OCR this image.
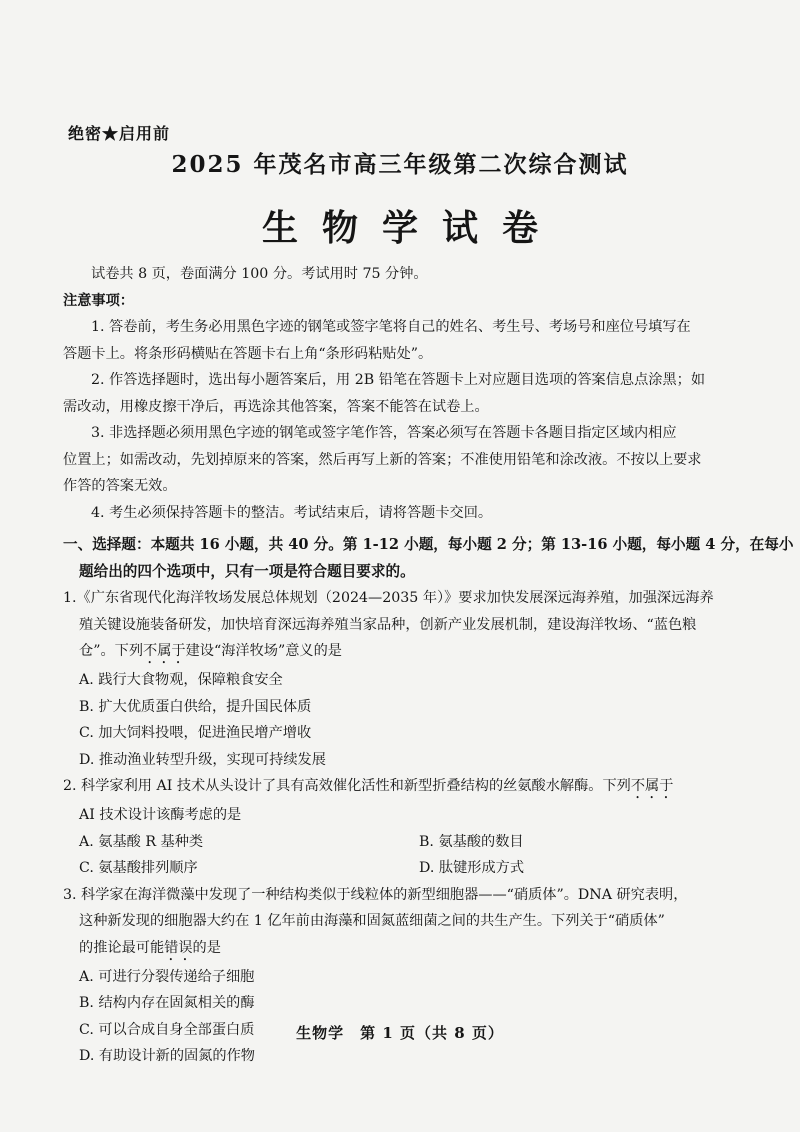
绝密★启用前
2025 年茂名市高三年级第二次综合测试
生物学试卷
试卷共 8 页，卷面满分 100 分。考试用时 75 分钟。
注意事项：
1. 答卷前，考生务必用黑色字迹的钢笔或签字笔将自己的姓名、考生号、考场号和座位号填写在
答题卡上。将条形码横贴在答题卡右上角“条形码粘贴处”。
2. 作答选择题时，选出每小题答案后，用 2B 铅笔在答题卡上对应题目选项的答案信息点涂黑；如
需改动，用橡皮擦干净后，再选涂其他答案，答案不能答在试卷上。
3. 非选择题必须用黑色字迹的钢笔或签字笔作答，答案必须写在答题卡各题目指定区域内相应
位置上；如需改动，先划掉原来的答案，然后再写上新的答案；不准使用铅笔和涂改液。不按以上要求
作答的答案无效。
4. 考生必须保持答题卡的整洁。考试结束后，请将答题卡交回。
一、选择题：本题共 16 小题，共 40 分。第 1-12 小题，每小题 2 分；第 13-16 小题，每小题 4 分，在每小
题给出的四个选项中，只有一项是符合题目要求的。
1.《广东省现代化海洋牧场发展总体规划（2024—2035 年）》要求加快发展深远海养殖，加强深远海养
殖关键设施装备研发，加快培育深远海养殖当家品种，创新产业发展机制，建设海洋牧场、“蓝色粮
仓”。下列不属于建设“海洋牧场”意义的是
A. 践行大食物观，保障粮食安全
B. 扩大优质蛋白供给，提升国民体质
C. 加大饲料投喂，促进渔民增产增收
D. 推动渔业转型升级，实现可持续发展
2. 科学家利用 AI 技术从头设计了具有高效催化活性和新型折叠结构的丝氨酸水解酶。下列不属于
AI 技术设计该酶考虑的是
A. 氨基酸 R 基种类	B. 氨基酸的数目
C. 氨基酸排列顺序	D. 肽键形成方式
3. 科学家在海洋微藻中发现了一种结构类似于线粒体的新型细胞器——“硝质体”。DNA 研究表明，
这种新发现的细胞器大约在 1 亿年前由海藻和固氮蓝细菌之间的共生产生。下列关于“硝质体”
的推论最可能错误的是
A. 可进行分裂传递给子细胞
B. 结构内存在固氮相关的酶
C. 可以合成自身全部蛋白质
D. 有助设计新的固氮的作物
生物学　第 1 页（共 8 页）
